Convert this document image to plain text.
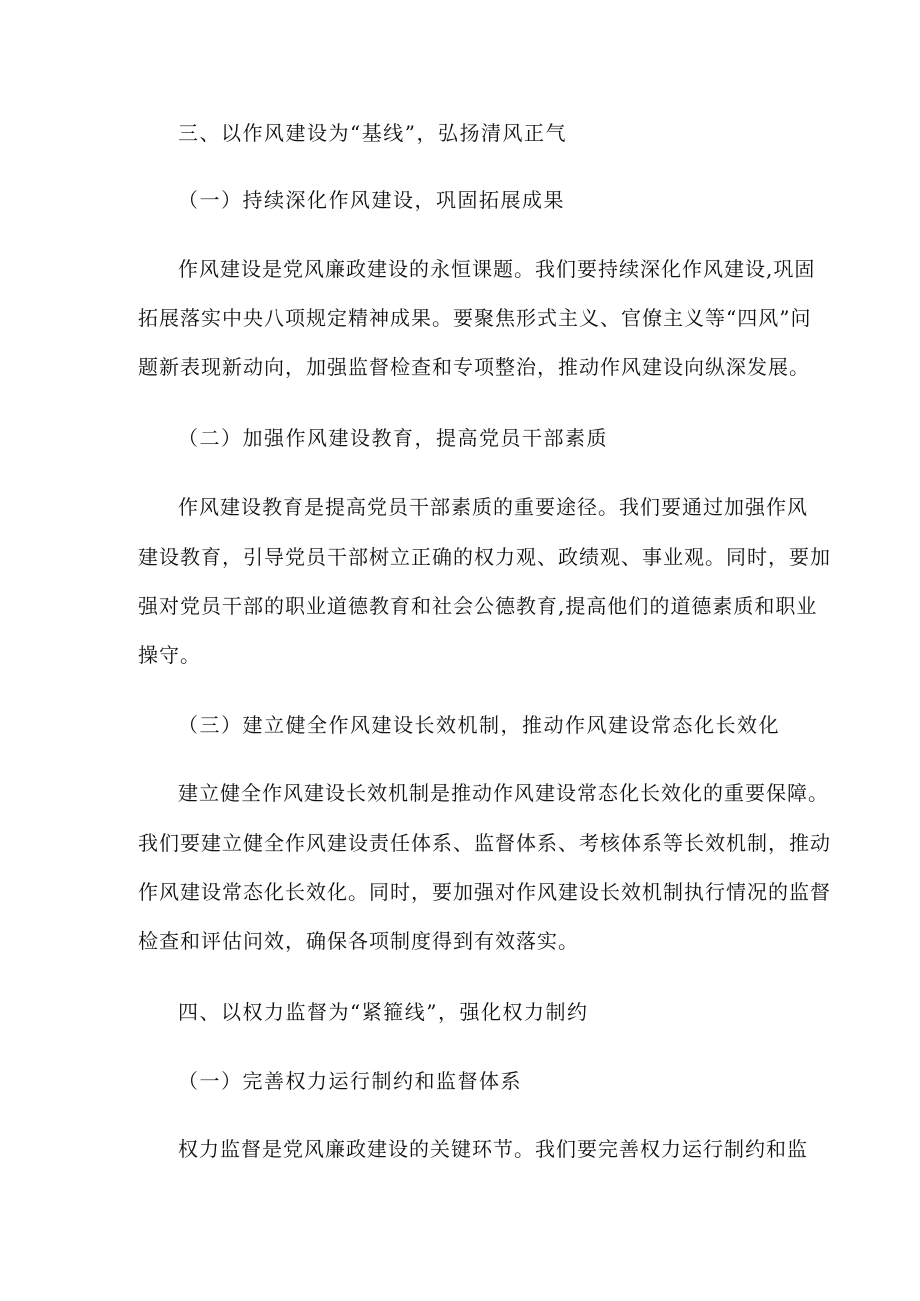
三、以作风建设为“基线”，弘扬清风正气
（一）持续深化作风建设，巩固拓展成果
作风建设是党风廉政建设的永恒课题。我们要持续深化作风建设,巩固
拓展落实中央八项规定精神成果。要聚焦形式主义、官僚主义等“四风”问
题新表现新动向，加强监督检查和专项整治，推动作风建设向纵深发展。
（二）加强作风建设教育，提高党员干部素质
作风建设教育是提高党员干部素质的重要途径。我们要通过加强作风
建设教育，引导党员干部树立正确的权力观、政绩观、事业观。同时，要加
强对党员干部的职业道德教育和社会公德教育,提高他们的道德素质和职业
操守。
（三）建立健全作风建设长效机制，推动作风建设常态化长效化
建立健全作风建设长效机制是推动作风建设常态化长效化的重要保障。
我们要建立健全作风建设责任体系、监督体系、考核体系等长效机制，推动
作风建设常态化长效化。同时，要加强对作风建设长效机制执行情况的监督
检查和评估问效，确保各项制度得到有效落实。
四、以权力监督为“紧箍线”，强化权力制约
（一）完善权力运行制约和监督体系
权力监督是党风廉政建设的关键环节。我们要完善权力运行制约和监
